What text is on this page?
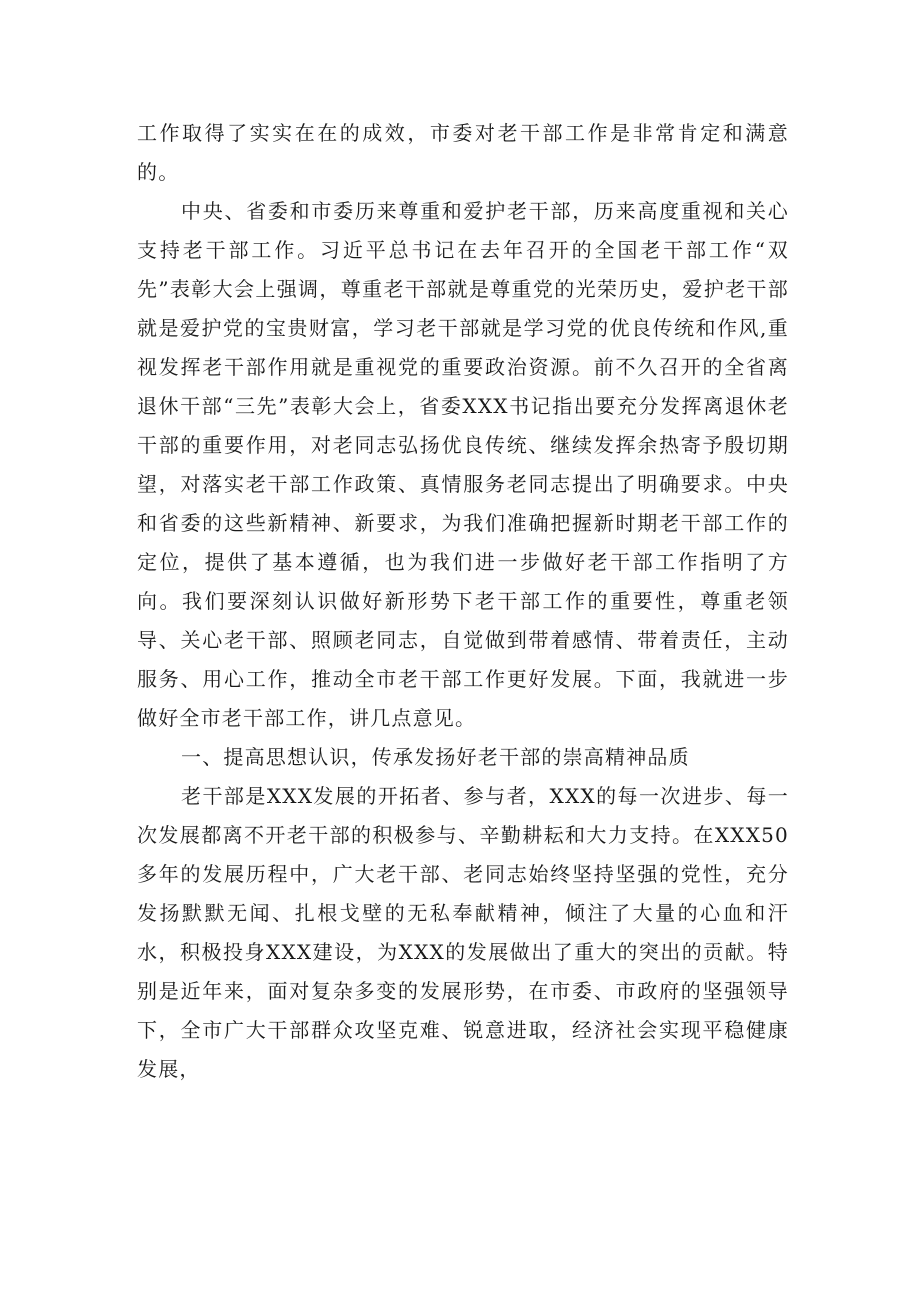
工作取得了实实在在的成效，市委对老干部工作是非常肯定和满意的。

中央、省委和市委历来尊重和爱护老干部，历来高度重视和关心支持老干部工作。习近平总书记在去年召开的全国老干部工作“双先”表彰大会上强调，尊重老干部就是尊重党的光荣历史，爱护老干部就是爱护党的宝贵财富，学习老干部就是学习党的优良传统和作风,重视发挥老干部作用就是重视党的重要政治资源。前不久召开的全省离退休干部“三先”表彰大会上，省委XXX书记指出要充分发挥离退休老干部的重要作用，对老同志弘扬优良传统、继续发挥余热寄予殷切期望，对落实老干部工作政策、真情服务老同志提出了明确要求。中央和省委的这些新精神、新要求，为我们准确把握新时期老干部工作的定位，提供了基本遵循，也为我们进一步做好老干部工作指明了方向。我们要深刻认识做好新形势下老干部工作的重要性，尊重老领导、关心老干部、照顾老同志，自觉做到带着感情、带着责任，主动服务、用心工作，推动全市老干部工作更好发展。下面，我就进一步做好全市老干部工作，讲几点意见。

一、提高思想认识，传承发扬好老干部的崇高精神品质

老干部是XXX发展的开拓者、参与者，XXX的每一次进步、每一次发展都离不开老干部的积极参与、辛勤耕耘和大力支持。在XXX50多年的发展历程中，广大老干部、老同志始终坚持坚强的党性，充分发扬默默无闻、扎根戈壁的无私奉献精神，倾注了大量的心血和汗水，积极投身XXX建设，为XXX的发展做出了重大的突出的贡献。特别是近年来，面对复杂多变的发展形势，在市委、市政府的坚强领导下，全市广大干部群众攻坚克难、锐意进取，经济社会实现平稳健康发展，
